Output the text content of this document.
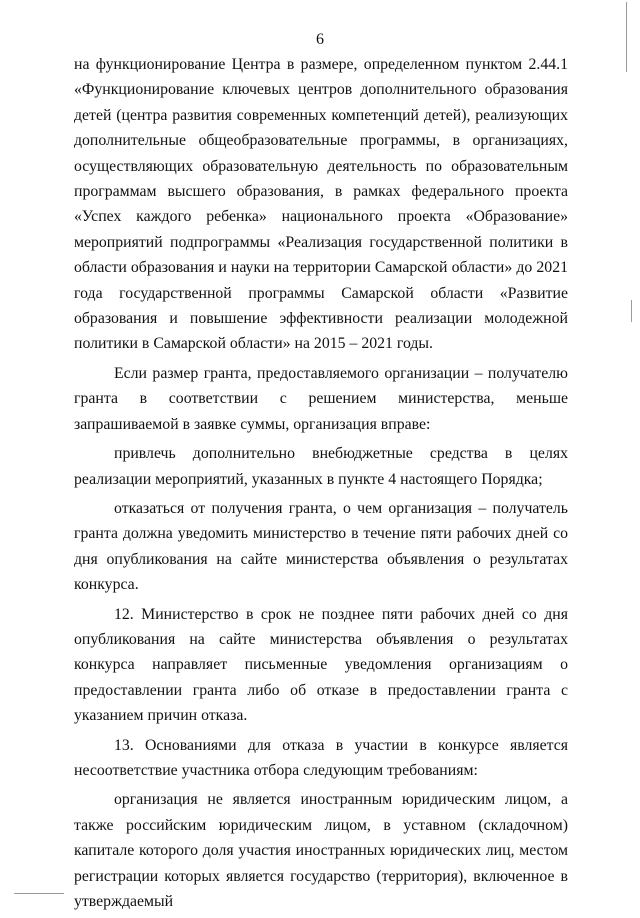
6

на функционирование Центра в размере, определенном пунктом 2.44.1 «Функционирование ключевых центров дополнительного образования детей (центра развития современных компетенций детей), реализующих дополнительные общеобразовательные программы, в организациях, осуществляющих образовательную деятельность по образовательным программам высшего образования, в рамках федерального проекта «Успех каждого ребенка» национального проекта «Образование» мероприятий подпрограммы «Реализация государственной политики в области образования и науки на территории Самарской области» до 2021 года государственной программы Самарской области «Развитие образования и повышение эффективности реализации молодежной политики в Самарской области» на 2015 – 2021 годы.

Если размер гранта, предоставляемого организации – получателю гранта в соответствии с решением министерства, меньше запрашиваемой в заявке суммы, организация вправе:

привлечь дополнительно внебюджетные средства в целях реализации мероприятий, указанных в пункте 4 настоящего Порядка;

отказаться от получения гранта, о чем организация – получатель гранта должна уведомить министерство в течение пяти рабочих дней со дня опубликования на сайте министерства объявления о результатах конкурса.

12. Министерство в срок не позднее пяти рабочих дней со дня опубликования на сайте министерства объявления о результатах конкурса направляет письменные уведомления организациям о предоставлении гранта либо об отказе в предоставлении гранта с указанием причин отказа.

13. Основаниями для отказа в участии в конкурсе является несоответствие участника отбора следующим требованиям:

организация не является иностранным юридическим лицом, а также российским юридическим лицом, в уставном (складочном) капитале которого доля участия иностранных юридических лиц, местом регистрации которых является государство (территория), включенное в утверждаемый
